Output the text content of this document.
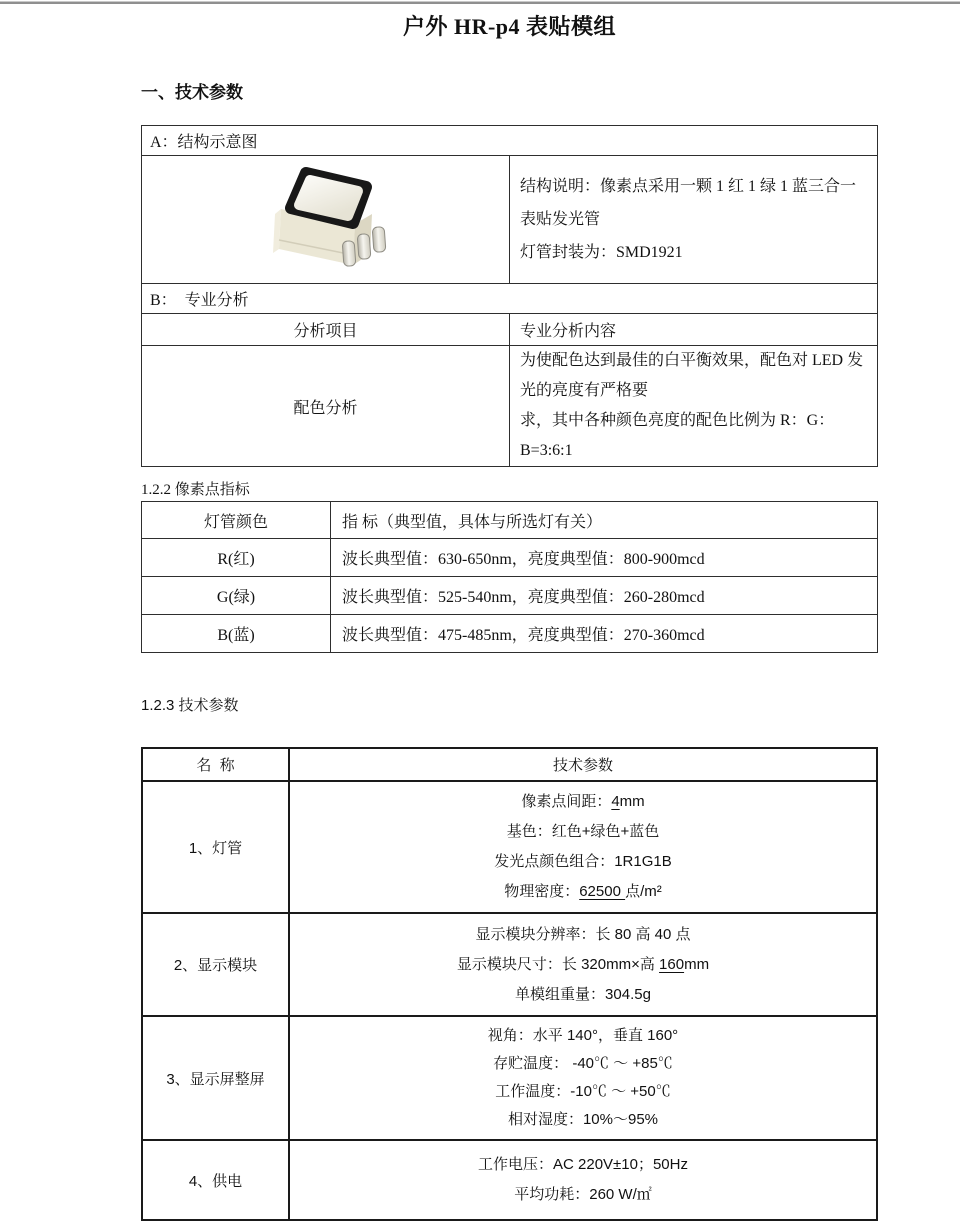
户外 HR-p4 表贴模组
一、技术参数
A：结构示意图	

结构说明：像素点采用一颗 1 红 1 绿 1 蓝三合一表贴发光管
灯管封装为：SMD1921

B：  专业分析	
分析项目	专业分析内容
配色分析	为使配色达到最佳的白平衡效果，配色对 LED 发光的亮度有严格要
求，其中各种颜色亮度的配色比例为 R：G：B=3:6:1
1.2.2 像素点指标
灯管颜色	指 标（典型值，具体与所选灯有关）
R(红)	波长典型值：630-650nm，亮度典型值：800-900mcd
G(绿)	波长典型值：525-540nm，亮度典型值：260-280mcd
B(蓝)	波长典型值：475-485nm，亮度典型值：270-360mcd
1.2.3 技术参数
名  称	技术参数
1、灯管	像素点间距：4mm
基色：红色+绿色+蓝色
发光点颜色组合：1R1G1B
物理密度：62500 点/m²

2、显示模块	显示模块分辨率：长 80 高 40 点
显示模块尺寸：长 320mm×高 160mm
单模组重量：304.5g

3、显示屏整屏	视角：水平 140°，垂直 160°
存贮温度： -40℃ ～ +85℃
工作温度：-10℃ ～ +50℃
相对湿度：10%～95%

4、供电	工作电压：AC 220V±10；50Hz
平均功耗：260 W/㎡
